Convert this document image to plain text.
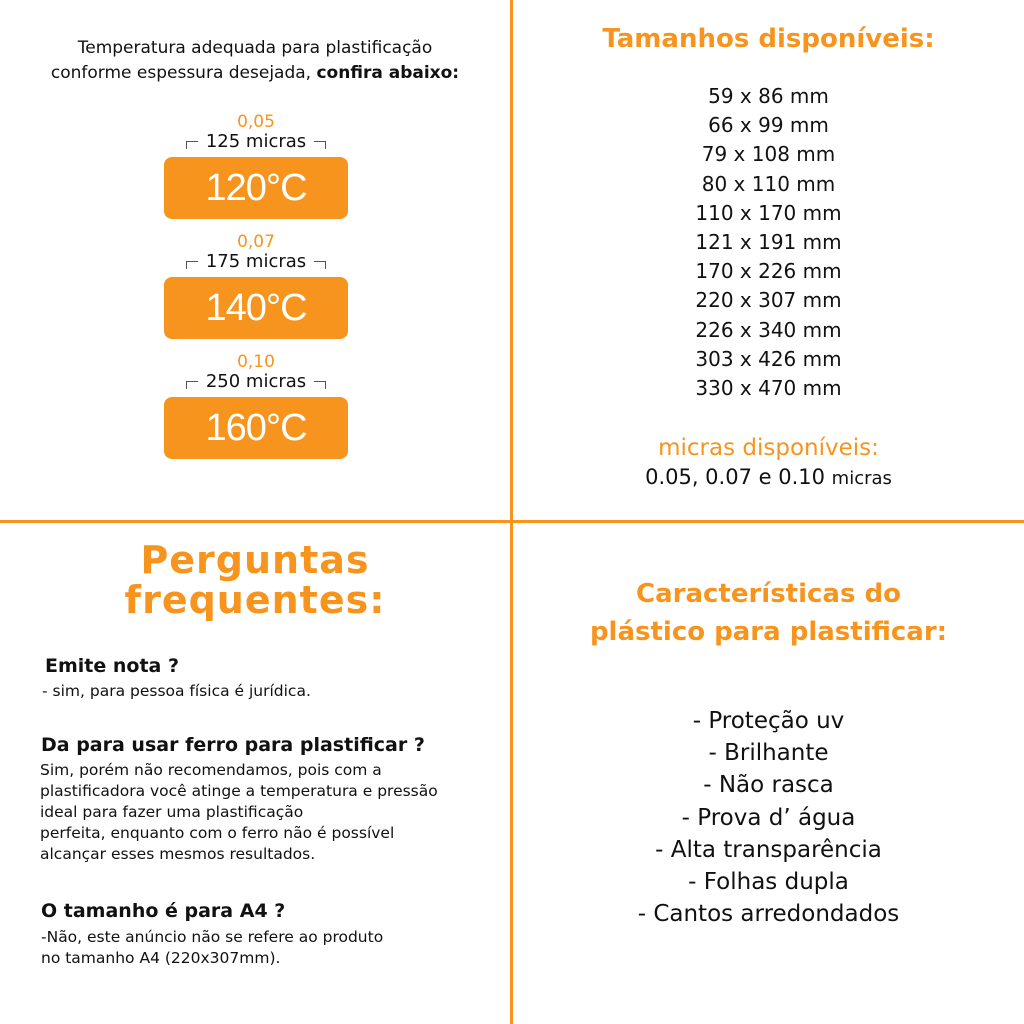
Temperatura adequada para plastificação
conforme espessura desejada, confira abaixo:
0,05
125 micras
120°C
0,07
175 micras
140°C
0,10
250 micras
160°C
Tamanhos disponíveis:
59 x 86 mm
66 x 99 mm
79 x 108 mm
80 x 110 mm
110 x 170 mm
121 x 191 mm
170 x 226 mm
220 x 307 mm
226 x 340 mm
303 x 426 mm
330 x 470 mm
micras disponíveis:
0.05, 0.07 e 0.10 micras
Perguntas
frequentes:
Emite nota ?
- sim, para pessoa física é jurídica.
Da para usar ferro para plastificar ?
Sim, porém não recomendamos, pois com a
plastificadora você atinge a temperatura e pressão
ideal para fazer uma plastificação
perfeita, enquanto com o ferro não é possível
alcançar esses mesmos resultados.
O tamanho é para A4 ?
-Não, este anúncio não se refere ao produto
no tamanho A4 (220x307mm).
Características do
plástico para plastificar:
- Proteção uv
- Brilhante
- Não rasca
- Prova d’ água
- Alta transparência
- Folhas dupla
- Cantos arredondados
